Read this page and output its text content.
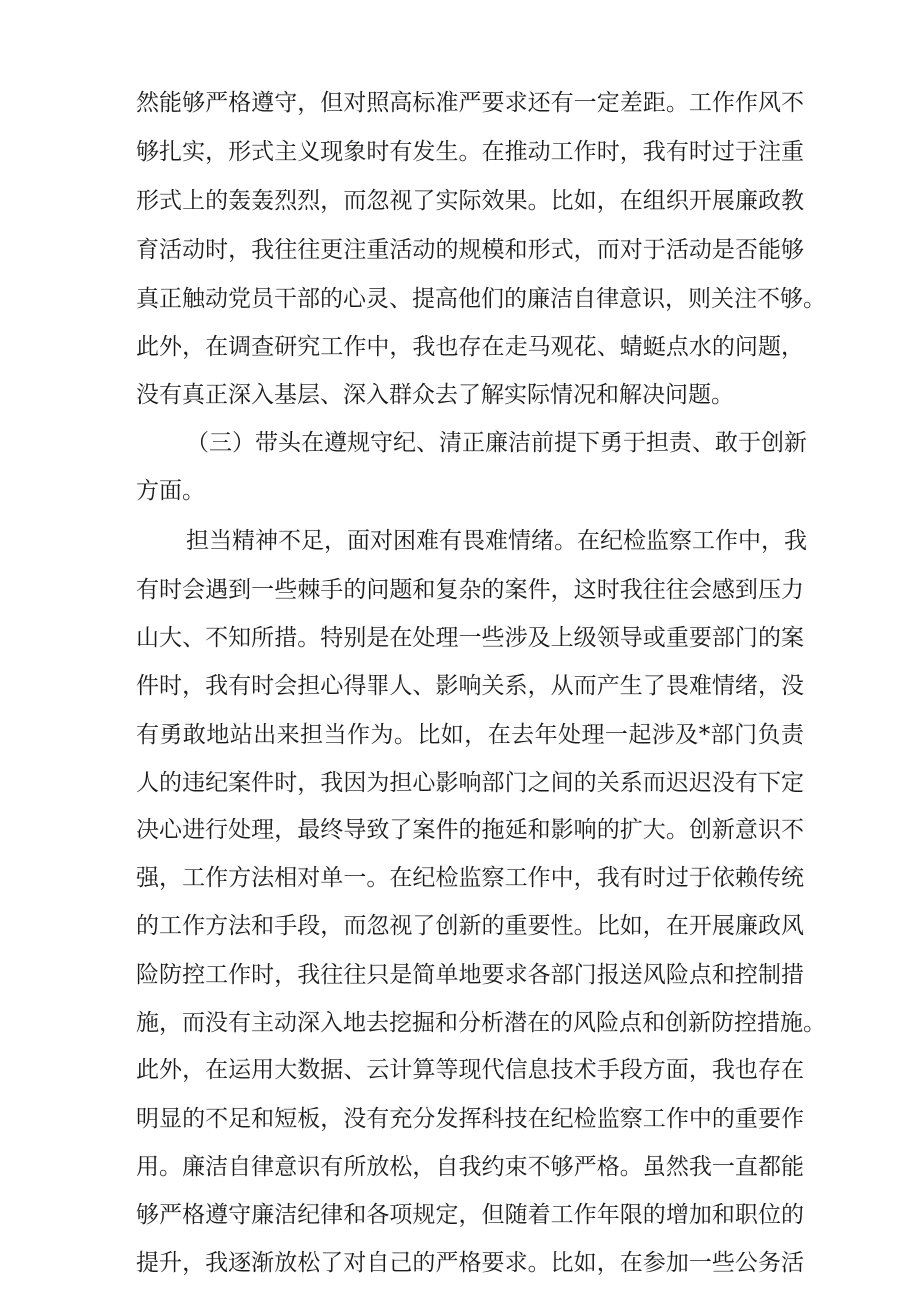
然能够严格遵守，但对照高标准严要求还有一定差距。工作作风不
够扎实，形式主义现象时有发生。在推动工作时，我有时过于注重
形式上的轰轰烈烈，而忽视了实际效果。比如，在组织开展廉政教
育活动时，我往往更注重活动的规模和形式，而对于活动是否能够
真正触动党员干部的心灵、提高他们的廉洁自律意识，则关注不够。
此外，在调查研究工作中，我也存在走马观花、蜻蜓点水的问题，
没有真正深入基层、深入群众去了解实际情况和解决问题。
（三）带头在遵规守纪、清正廉洁前提下勇于担责、敢于创新
方面。
担当精神不足，面对困难有畏难情绪。在纪检监察工作中，我
有时会遇到一些棘手的问题和复杂的案件，这时我往往会感到压力
山大、不知所措。特别是在处理一些涉及上级领导或重要部门的案
件时，我有时会担心得罪人、影响关系，从而产生了畏难情绪，没
有勇敢地站出来担当作为。比如，在去年处理一起涉及*部门负责
人的违纪案件时，我因为担心影响部门之间的关系而迟迟没有下定
决心进行处理，最终导致了案件的拖延和影响的扩大。创新意识不
强，工作方法相对单一。在纪检监察工作中，我有时过于依赖传统
的工作方法和手段，而忽视了创新的重要性。比如，在开展廉政风
险防控工作时，我往往只是简单地要求各部门报送风险点和控制措
施，而没有主动深入地去挖掘和分析潜在的风险点和创新防控措施。
此外，在运用大数据、云计算等现代信息技术手段方面，我也存在
明显的不足和短板，没有充分发挥科技在纪检监察工作中的重要作
用。廉洁自律意识有所放松，自我约束不够严格。虽然我一直都能
够严格遵守廉洁纪律和各项规定，但随着工作年限的增加和职位的
提升，我逐渐放松了对自己的严格要求。比如，在参加一些公务活
